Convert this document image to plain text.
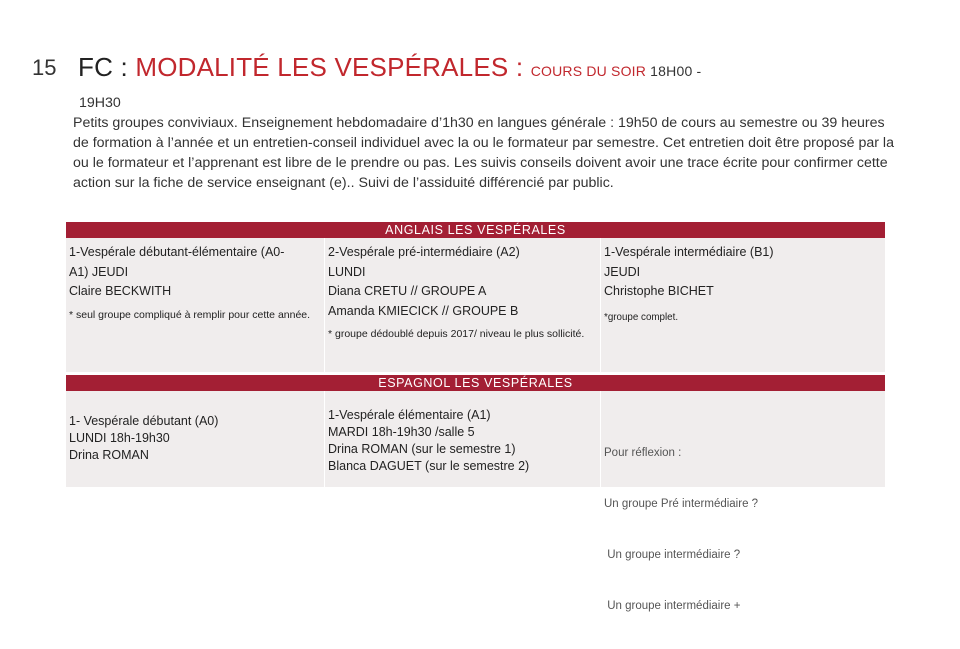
15 FC : MODALITÉ LES VESPÉRALES : COURS DU SOIR 18H00 -
19H30
Petits groupes conviviaux. Enseignement hebdomadaire d’1h30 en langues générale : 19h50 de cours au semestre ou 39 heures de formation à l’année et un entretien-conseil individuel avec la ou le formateur par semestre. Cet entretien doit être proposé par la ou le formateur et l’apprenant est libre de le prendre ou pas. Les suivis conseils doivent avoir une trace écrite pour confirmer cette action sur la fiche de service enseignant (e).. Suivi de l’assiduité différencié par public.
ANGLAIS LES VESPÉRALES
1-Vespérale débutant-élémentaire (A0-
A1) JEUDI
Claire BECKWITH
* seul groupe compliqué à remplir pour cette année.
2-Vespérale pré-intermédiaire (A2)
LUNDI
Diana CRETU // GROUPE A
Amanda KMIECICK // GROUPE B
* groupe dédoublé depuis 2017/ niveau le plus sollicité.
1-Vespérale intermédiaire (B1)
JEUDI
Christophe BICHET
*groupe complet.
ESPAGNOL LES VESPÉRALES
1- Vespérale débutant (A0)
LUNDI 18h-19h30
Drina ROMAN
1-Vespérale élémentaire (A1)
MARDI 18h-19h30 /salle 5
Drina ROMAN (sur le semestre 1)
Blanca DAGUET (sur le semestre 2)

Pour réflexion :

Un groupe Pré intermédiaire ?

Un groupe intermédiaire ?

Un groupe intermédiaire +
